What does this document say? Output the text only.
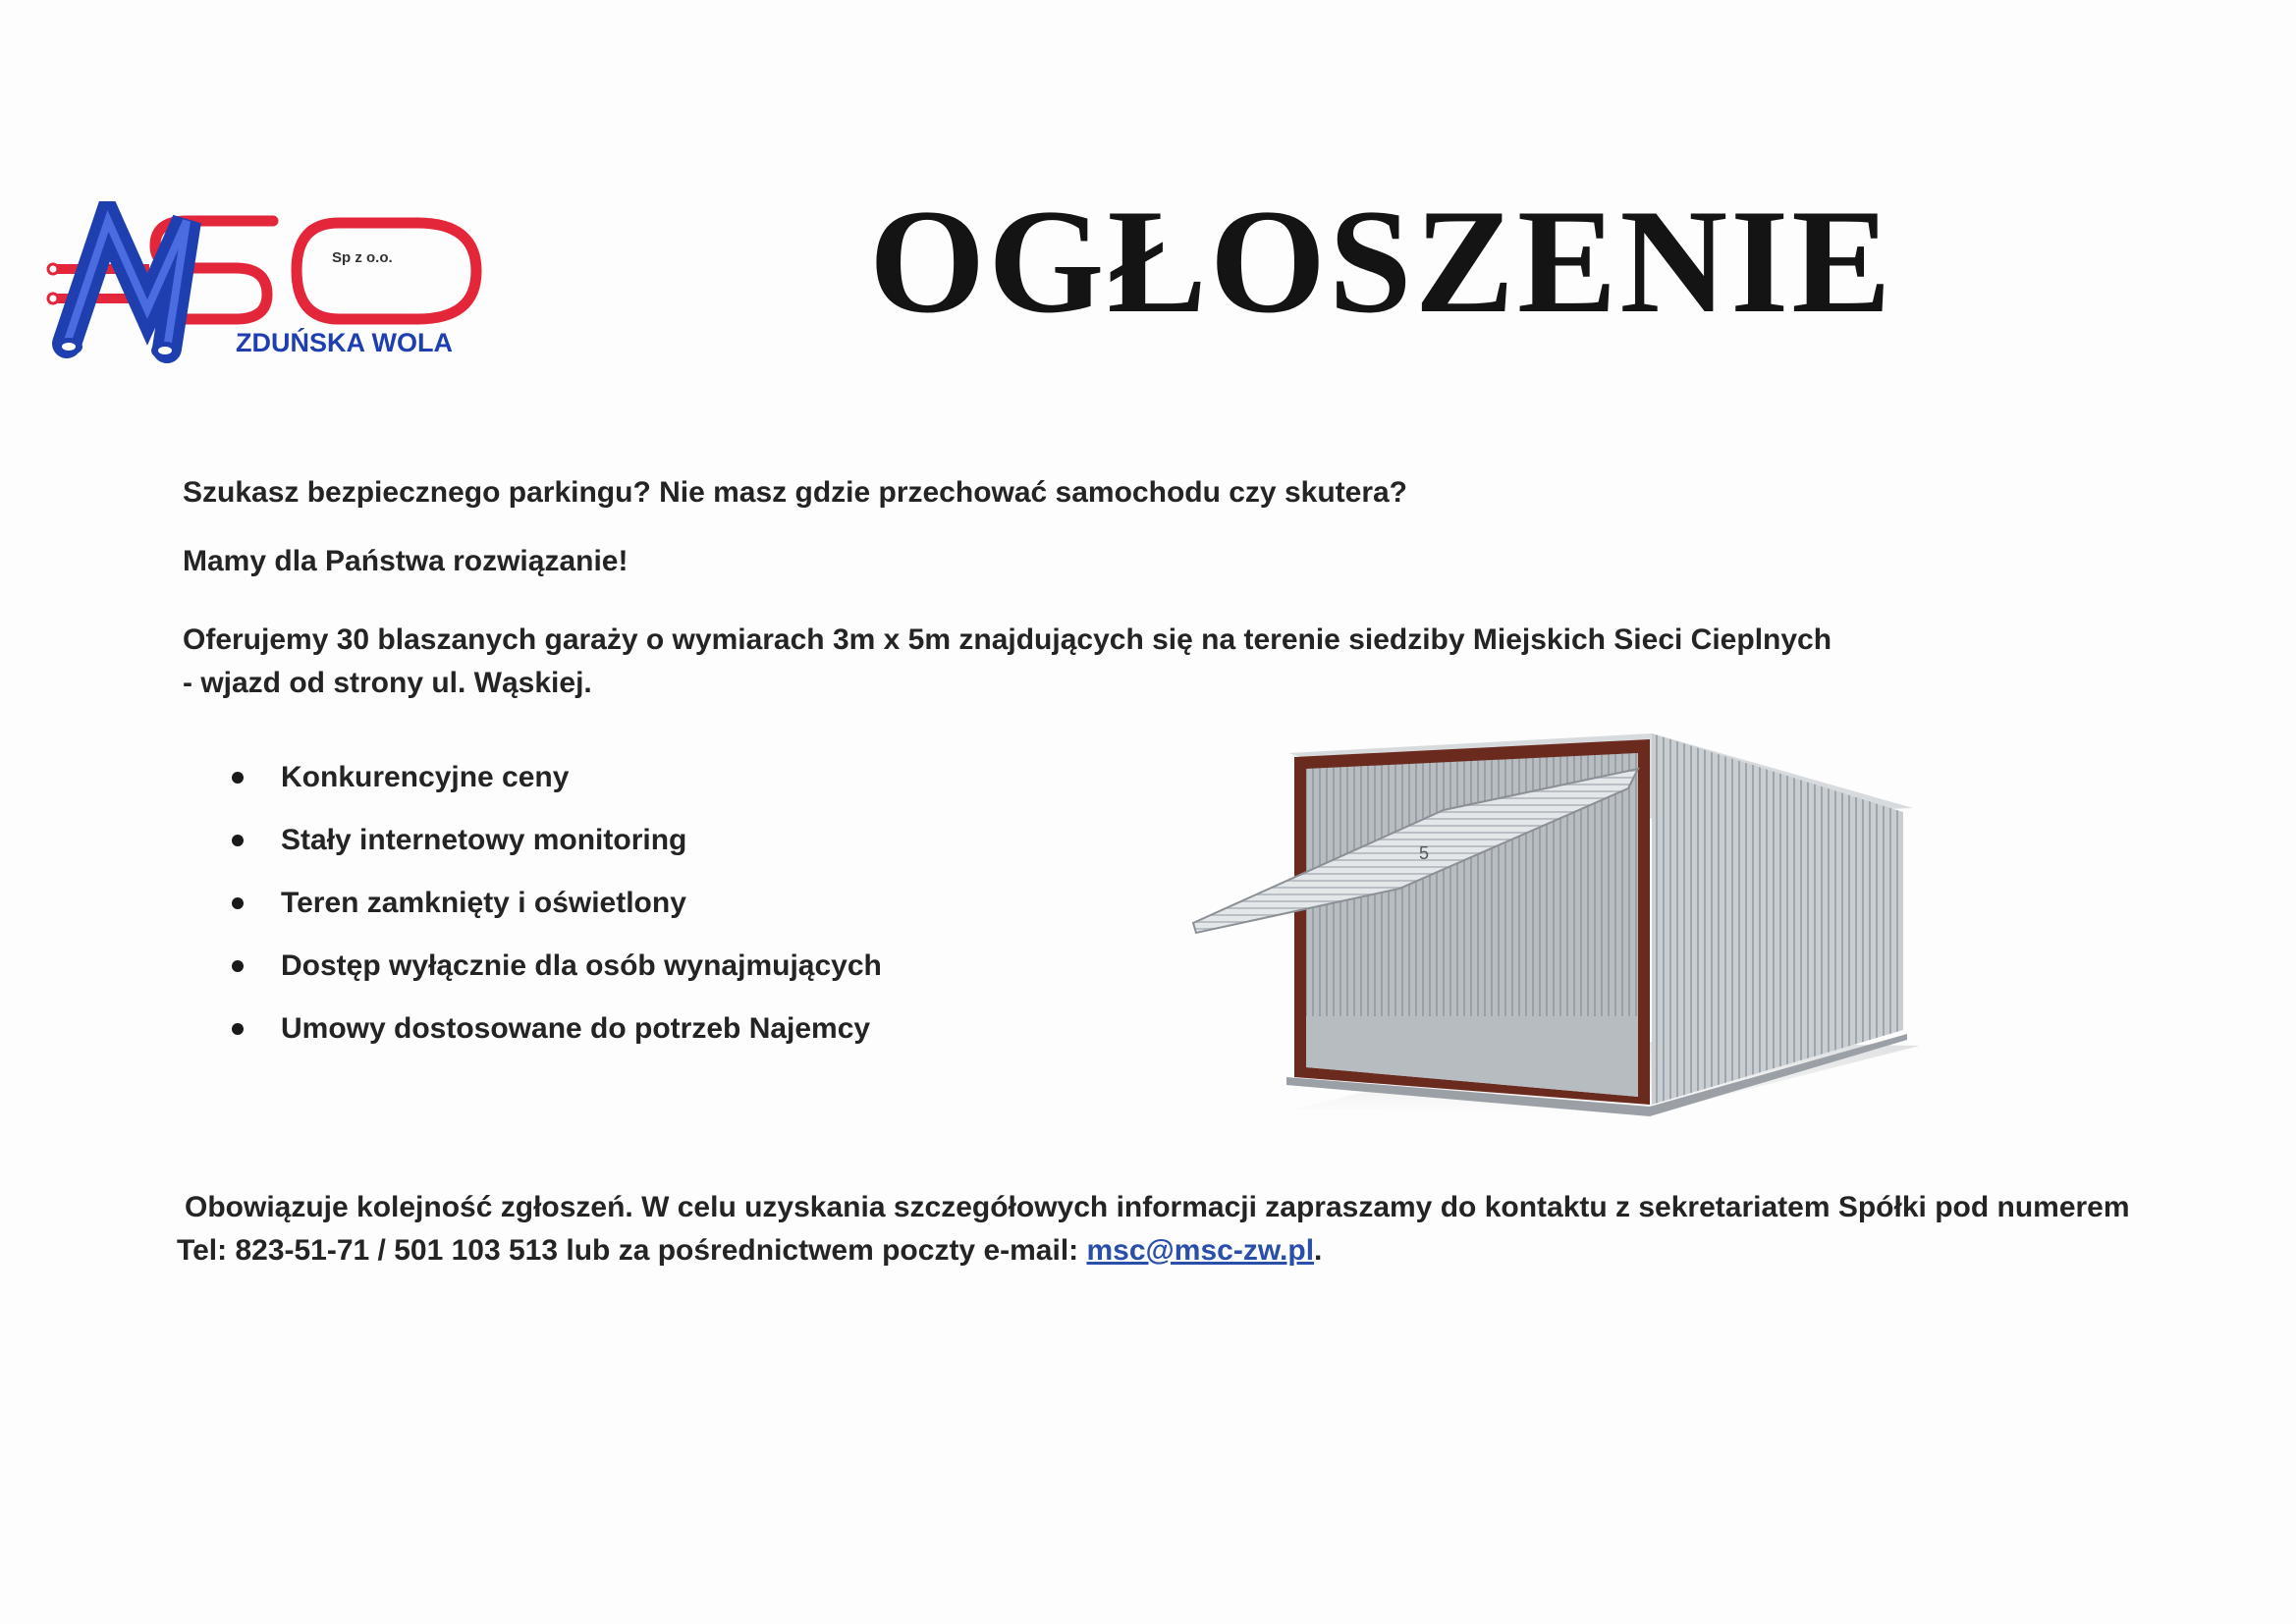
Sp z o.o.
ZDUŃSKA WOLA	OGŁOSZENIE

Szukasz bezpiecznego parkingu? Nie masz gdzie przechować samochodu czy skutera?

Mamy dla Państwa rozwiązanie!

Oferujemy 30 blaszanych garaży o wymiarach 3m x 5m znajdujących się na terenie siedziby Miejskich Sieci Cieplnych

- wjazd od strony ul. Wąskiej.

Konkurencyjne ceny
Stały internetowy monitoring
Teren zamknięty i oświetlony
Dostęp wyłącznie dla osób wynajmujących
Umowy dostosowane do potrzeb Najemcy
5

Obowiązuje kolejność zgłoszeń. W celu uzyskania szczegółowych informacji zapraszamy do kontaktu z sekretariatem Spółki pod numerem

Tel: 823-51-71 / 501 103 513 lub za pośrednictwem poczty e-mail: msc@msc-zw.pl.
